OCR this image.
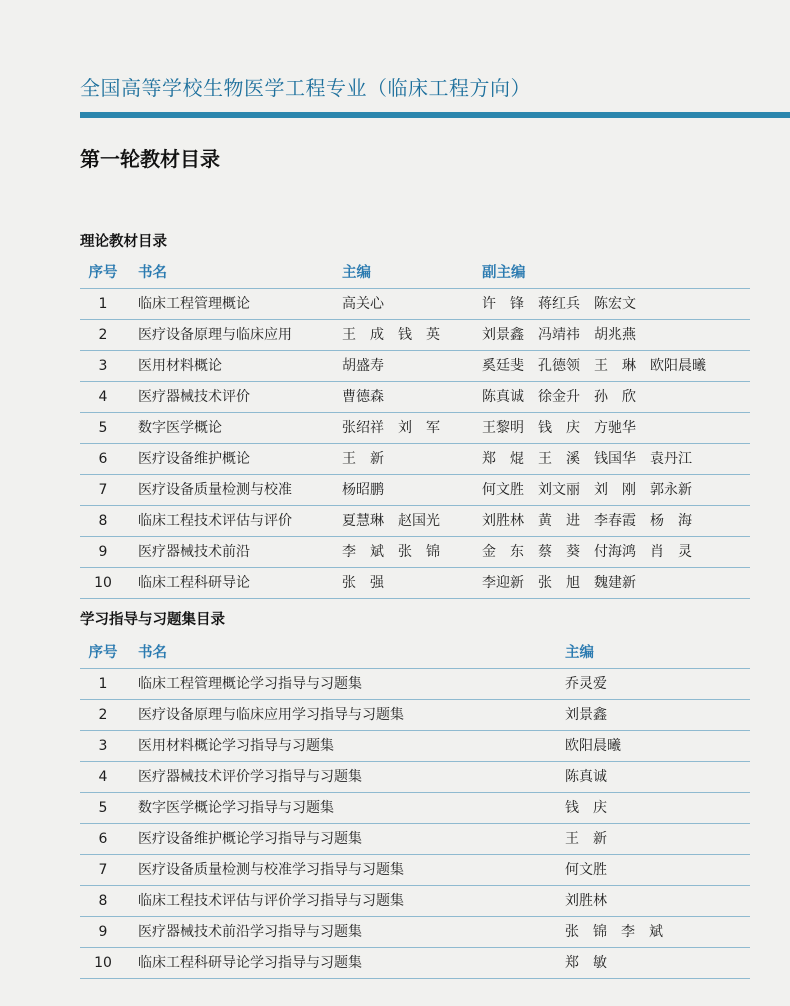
全国高等学校生物医学工程专业（临床工程方向）
第一轮教材目录
理论教材目录
序号 书名	主编	副主编
1	临床工程管理概论	高关心	许　锋　蒋红兵　陈宏文
2	医疗设备原理与临床应用	王　成　钱　英	刘景鑫　冯靖祎　胡兆燕
3	医用材料概论	胡盛寿	奚廷斐　孔德领　王　琳　欧阳晨曦
4	医疗器械技术评价	曹德森	陈真诚　徐金升　孙　欣
5	数字医学概论	张绍祥　刘　军	王黎明　钱　庆　方驰华
6	医疗设备维护概论	王　新	郑　焜　王　溪　钱国华　袁丹江
7	医疗设备质量检测与校准	杨昭鹏	何文胜　刘文丽　刘　刚　郭永新
8	临床工程技术评估与评价	夏慧琳　赵国光	刘胜林　黄　进　李春霞　杨　海
9	医疗器械技术前沿	李　斌　张　锦	金　东　蔡　葵　付海鸿　肖　灵
10	临床工程科研导论	张　强	李迎新　张　旭　魏建新
学习指导与习题集目录
序号 书名	主编
1	临床工程管理概论学习指导与习题集	乔灵爱
2	医疗设备原理与临床应用学习指导与习题集	刘景鑫
3	医用材料概论学习指导与习题集	欧阳晨曦
4	医疗器械技术评价学习指导与习题集	陈真诚
5	数字医学概论学习指导与习题集	钱　庆
6	医疗设备维护概论学习指导与习题集	王　新
7	医疗设备质量检测与校准学习指导与习题集	何文胜
8	临床工程技术评估与评价学习指导与习题集	刘胜林
9	医疗器械技术前沿学习指导与习题集	张　锦　李　斌
10	临床工程科研导论学习指导与习题集	郑　敏
